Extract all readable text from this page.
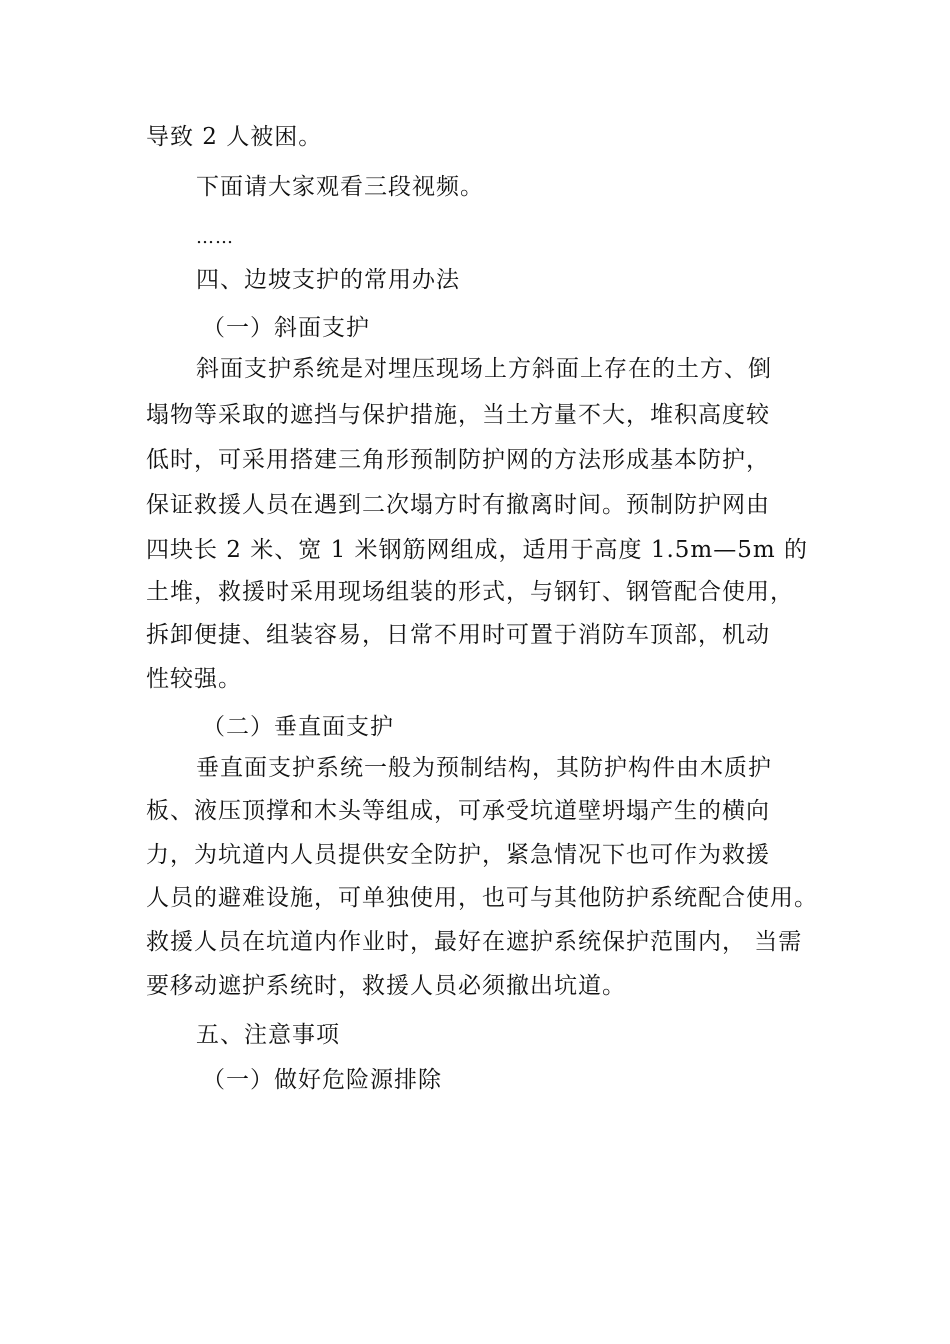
导致 2 人被困。
下面请大家观看三段视频。
……
四、边坡支护的常用办法
（一）斜面支护
斜面支护系统是对埋压现场上方斜面上存在的土方、倒
塌物等采取的遮挡与保护措施，当土方量不大，堆积高度较
低时，可采用搭建三角形预制防护网的方法形成基本防护，
保证救援人员在遇到二次塌方时有撤离时间。预制防护网由
四块长 2 米、宽 1 米钢筋网组成，适用于高度 1.5m—5m 的
土堆，救援时采用现场组装的形式，与钢钉、钢管配合使用，
拆卸便捷、组装容易，日常不用时可置于消防车顶部，机动
性较强。
（二）垂直面支护
垂直面支护系统一般为预制结构，其防护构件由木质护
板、液压顶撑和木头等组成，可承受坑道壁坍塌产生的横向
力，为坑道内人员提供安全防护，紧急情况下也可作为救援
人员的避难设施，可单独使用，也可与其他防护系统配合使用。
救援人员在坑道内作业时，最好在遮护系统保护范围内， 当需
要移动遮护系统时，救援人员必须撤出坑道。
五、注意事项
（一）做好危险源排除
